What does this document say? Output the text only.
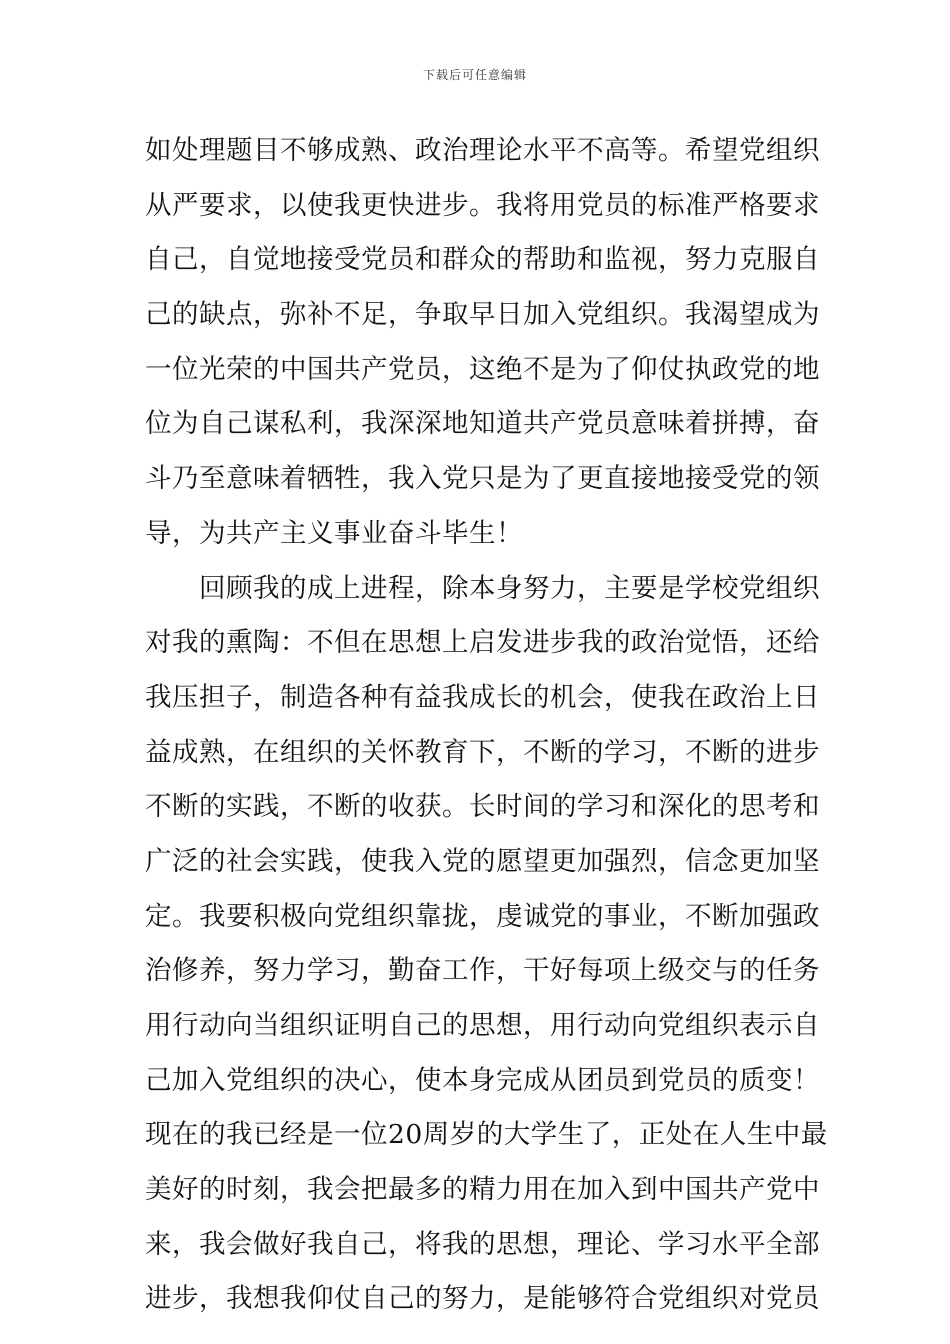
下载后可任意编辑
如处理题目不够成熟、政治理论水平不高等。希望党组织
从严要求，以使我更快进步。我将用党员的标准严格要求
自己，自觉地接受党员和群众的帮助和监视，努力克服自
己的缺点，弥补不足，争取早日加入党组织。我渴望成为
一位光荣的中国共产党员，这绝不是为了仰仗执政党的地
位为自己谋私利，我深深地知道共产党员意味着拼搏，奋
斗乃至意味着牺牲，我入党只是为了更直接地接受党的领
导，为共产主义事业奋斗毕生！
回顾我的成上进程，除本身努力，主要是学校党组织
对我的熏陶：不但在思想上启发进步我的政治觉悟，还给
我压担子，制造各种有益我成长的机会，使我在政治上日
益成熟，在组织的关怀教育下，不断的学习，不断的进步
不断的实践，不断的收获。长时间的学习和深化的思考和
广泛的社会实践，使我入党的愿望更加强烈，信念更加坚
定。我要积极向党组织靠拢，虔诚党的事业，不断加强政
治修养，努力学习，勤奋工作，干好每项上级交与的任务
用行动向当组织证明自己的思想，用行动向党组织表示自
己加入党组织的决心，使本身完成从团员到党员的质变！
现在的我已经是一位20周岁的大学生了，正处在人生中最
美好的时刻，我会把最多的精力用在加入到中国共产党中
来，我会做好我自己，将我的思想，理论、学习水平全部
进步，我想我仰仗自己的努力，是能够符合党组织对党员
